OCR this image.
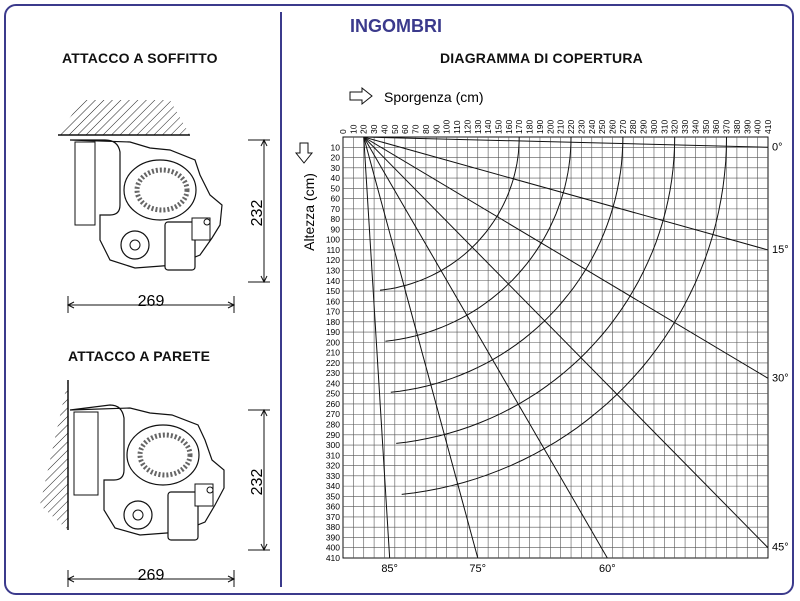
INGOMBRI
ATTACCO A SOFFITTO
ATTACCO A PARETE
DIAGRAMMA DI COPERTURA
232
269
232
269
Sporgenza (cm)
Altezza (cm)
0 10 20 30 40 50 60 70 80 90 100 110 120 130 140 150 160 170 180 190 200 210 220 230 240 250 260 270 280 290 300 310 320 330 340 350 360 370 380 390 400 410
10
20
30
40
50
60
70
80
90
100
110
120
130
140
150
160
170
180
190
200
210
220
230
240
250
260
270
280
290
300
310
320
330
340
350
360
370
380
390
400
410
0°
15°
30°
45°
60°
75°
85°
